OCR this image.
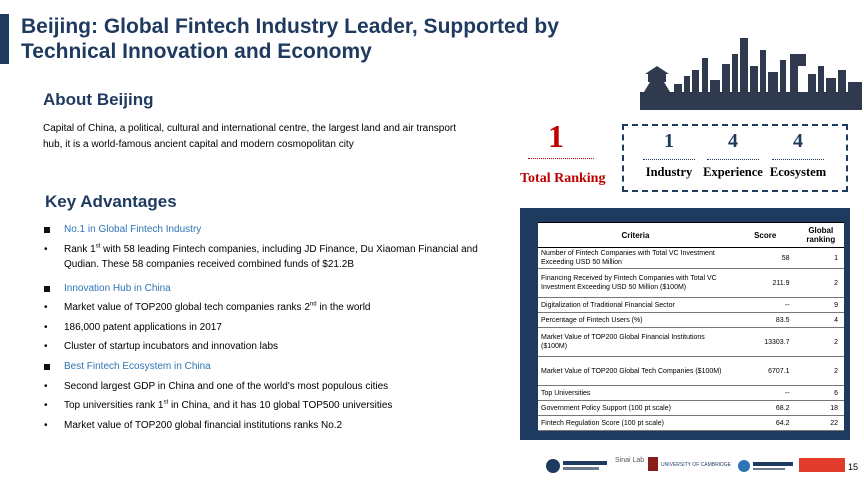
Beijing: Global Fintech Industry Leader, Supported by Technical Innovation and Economy
About Beijing
Capital of China, a political, cultural and international centre, the largest land and air transport hub, it is a world-famous ancient capital and modern cosmopolitan city
Key Advantages
No.1 in Global Fintech Industry
• Rank 1st with 58 leading Fintech companies, including JD Finance, Du Xiaoman Financial and Qudian. These 58 companies received combined funds of $21.2B
Innovation Hub in China
• Market value of TOP200 global tech companies ranks 2nd in the world
• 186,000 patent applications in 2017
• Cluster of startup incubators and innovation labs
Best Fintech Ecosystem in China
• Second largest GDP in China and one of the world's most populous cities
• Top universities rank 1st in China, and it has 10 global TOP500 universities
• Market value of TOP200 global financial institutions ranks No.2
1
Total Ranking
1
Industry
4
Experience
4
Ecosystem
Criteria	Score	Global ranking
Number of Fintech Companies with Total VC Investment Exceeding USD 50 Million	58	1
Financing Received by Fintech Companies with Total VC Investment Exceeding USD 50 Million ($100M)	211.9	2
Digitalization of Traditional Financial Sector	--	9
Percentage of Fintech Users (%)	83.5	4
Market Value of TOP200 Global Financial Institutions ($100M)	13303.7	2
Market Value of TOP200 Global Tech Companies ($100M)	6707.1	2
Top Universities	--	6
Government Policy Support (100 pt scale)	68.2	18
Fintech Regulation Score (100 pt scale)	64.2	22
Sinai Lab
UNIVERSITY OF CAMBRIDGE	15
